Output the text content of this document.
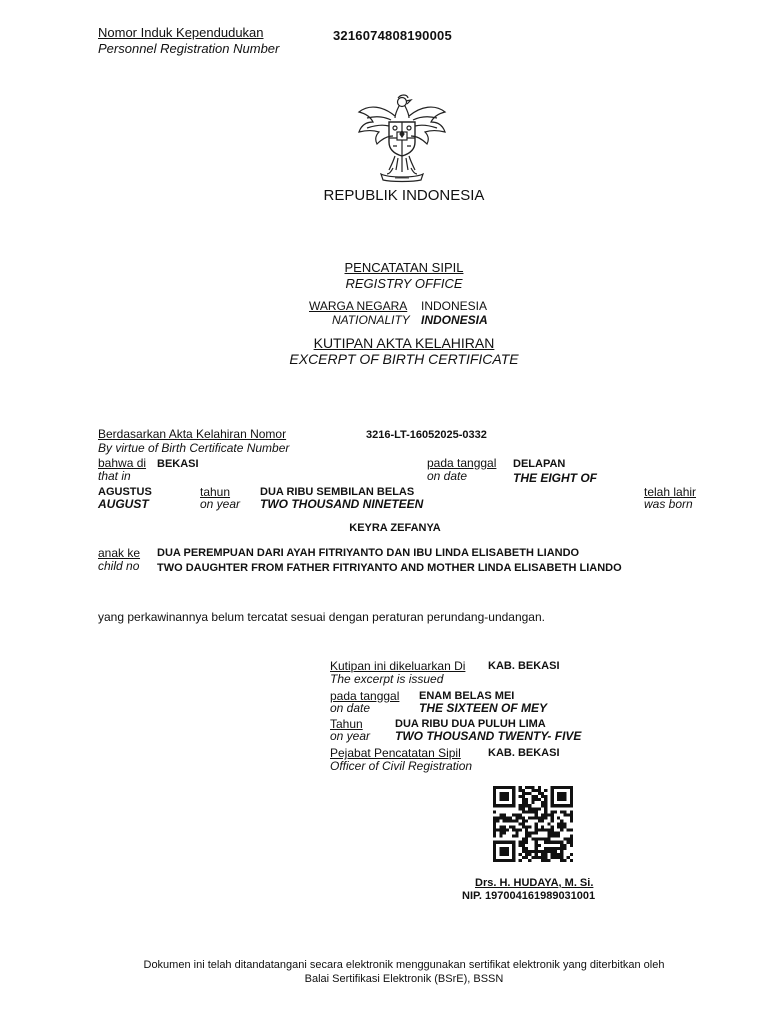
Nomor Induk Kependudukan
Personnel Registration Number
3216074808190005
REPUBLIK INDONESIA
PENCATATAN SIPIL
REGISTRY OFFICE
WARGA NEGARA INDONESIA
NATIONALITY INDONESIA
KUTIPAN AKTA KELAHIRAN
EXCERPT OF BIRTH CERTIFICATE
Berdasarkan Akta Kelahiran Nomor
By virtue of Birth Certificate Number
3216-LT-16052025-0332
bahwa di BEKASI
that in
pada tanggal
on date
DELAPAN
THE EIGHT OF
AGUSTUS
AUGUST
tahun
on year
DUA RIBU SEMBILAN BELAS
TWO THOUSAND NINETEEN
telah lahir
was born
KEYRA ZEFANYA
anak ke
child no
DUA PEREMPUAN DARI AYAH FITRIYANTO DAN IBU LINDA ELISABETH LIANDO
TWO DAUGHTER FROM FATHER FITRIYANTO AND MOTHER LINDA ELISABETH LIANDO
yang perkawinannya belum tercatat sesuai dengan peraturan perundang-undangan.
Kutipan ini dikeluarkan Di
The excerpt is issued
KAB. BEKASI
pada tanggal
on date
ENAM BELAS MEI
THE SIXTEEN OF MEY
Tahun
on year
DUA RIBU DUA PULUH LIMA
TWO THOUSAND TWENTY- FIVE
Pejabat Pencatatan Sipil
Officer of Civil Registration
KAB. BEKASI
Drs. H. HUDAYA, M. Si.
NIP. 197004161989031001
Dokumen ini telah ditandatangani secara elektronik menggunakan sertifikat elektronik yang diterbitkan oleh
Balai Sertifikasi Elektronik (BSrE), BSSN
